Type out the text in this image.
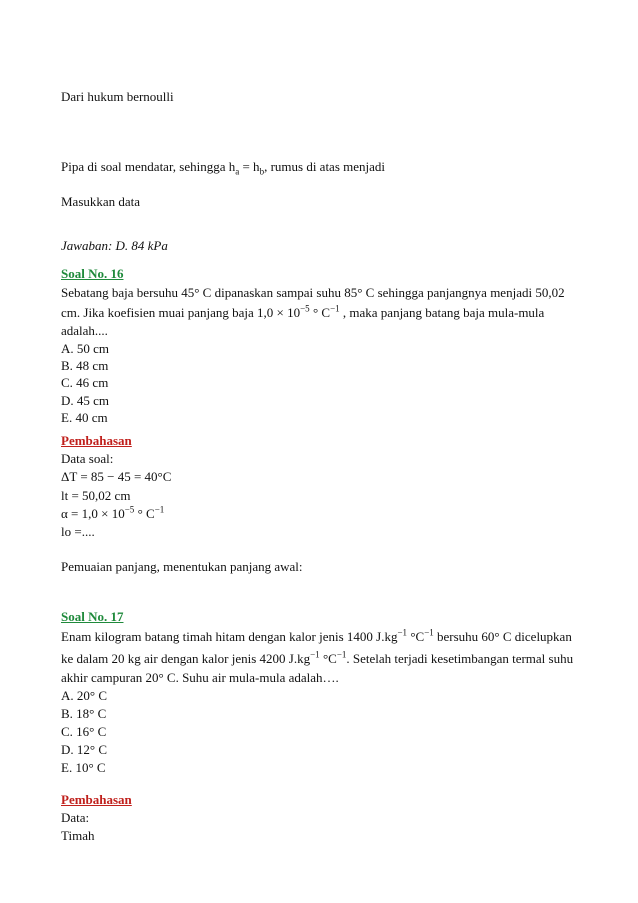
Dari hukum bernoulli
Pipa di soal mendatar, sehingga $h_a = h_b$, rumus di atas menjadi
Masukkan data
Jawaban: D. 84 kPa
Soal No. 16
Sebatang baja bersuhu 45° C dipanaskan sampai suhu 85° C sehingga panjangnya menjadi 50,02
cm. Jika koefisien muai panjang baja $1,0 \times 10^{-5}$ ° $C^{-1}$ , maka panjang batang baja mula-mula
adalah....
A. 50 cm
B. 48 cm
C. 46 cm
D. 45 cm
E. 40 cm
Pembahasan
Data soal:
ΔT = 85 − 45 = 40°C
lt = 50,02 cm
$\alpha = 1,0 \times 10^{-5}$ ° $C^{-1}$
lo =....
Pemuaian panjang, menentukan panjang awal:
Soal No. 17
Enam kilogram batang timah hitam dengan kalor jenis 1400 $J.kg^{-1}$ $^\circ C^{-1}$ bersuhu 60° C dicelupkan
ke dalam 20 kg air dengan kalor jenis 4200 $J.kg^{-1}$ $^\circ C^{-1}$. Setelah terjadi kesetimbangan termal suhu
akhir campuran 20° C. Suhu air mula-mula adalah….
A. 20° C
B. 18° C
C. 16° C
D. 12° C
E. 10° C
Pembahasan
Data:
Timah
